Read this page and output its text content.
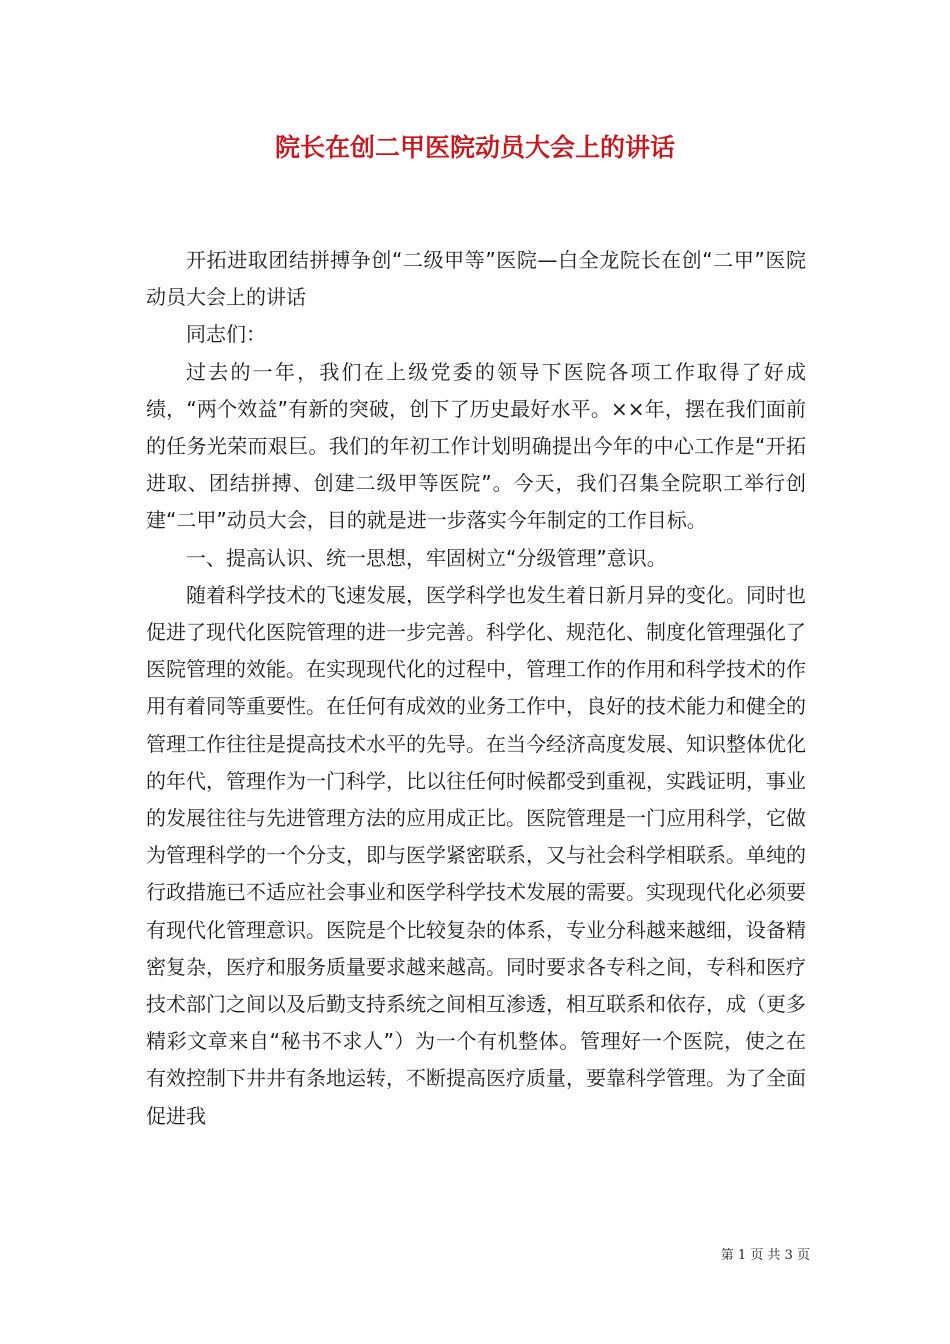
院长在创二甲医院动员大会上的讲话

开拓进取团结拼搏争创“二级甲等”医院—白全龙院长在创“二甲”医院动员大会上的讲话

同志们：

过去的一年，我们在上级党委的领导下医院各项工作取得了好成绩，“两个效益”有新的突破，创下了历史最好水平。××年，摆在我们面前的任务光荣而艰巨。我们的年初工作计划明确提出今年的中心工作是“开拓进取、团结拼搏、创建二级甲等医院”。今天，我们召集全院职工举行创建“二甲”动员大会，目的就是进一步落实今年制定的工作目标。

一、提高认识、统一思想，牢固树立“分级管理”意识。

随着科学技术的飞速发展，医学科学也发生着日新月异的变化。同时也促进了现代化医院管理的进一步完善。科学化、规范化、制度化管理强化了医院管理的效能。在实现现代化的过程中，管理工作的作用和科学技术的作用有着同等重要性。在任何有成效的业务工作中，良好的技术能力和健全的管理工作往往是提高技术水平的先导。在当今经济高度发展、知识整体优化的年代，管理作为一门科学，比以往任何时候都受到重视，实践证明，事业的发展往往与先进管理方法的应用成正比。医院管理是一门应用科学，它做为管理科学的一个分支，即与医学紧密联系，又与社会科学相联系。单纯的行政措施已不适应社会事业和医学科学技术发展的需要。实现现代化必须要有现代化管理意识。医院是个比较复杂的体系，专业分科越来越细，设备精密复杂，医疗和服务质量要求越来越高。同时要求各专科之间，专科和医疗技术部门之间以及后勤支持系统之间相互渗透，相互联系和依存，成（更多精彩文章来自“秘书不求人”）为一个有机整体。管理好一个医院，使之在有效控制下井井有条地运转，不断提高医疗质量，要靠科学管理。为了全面促进我

第 1 页 共 3 页
